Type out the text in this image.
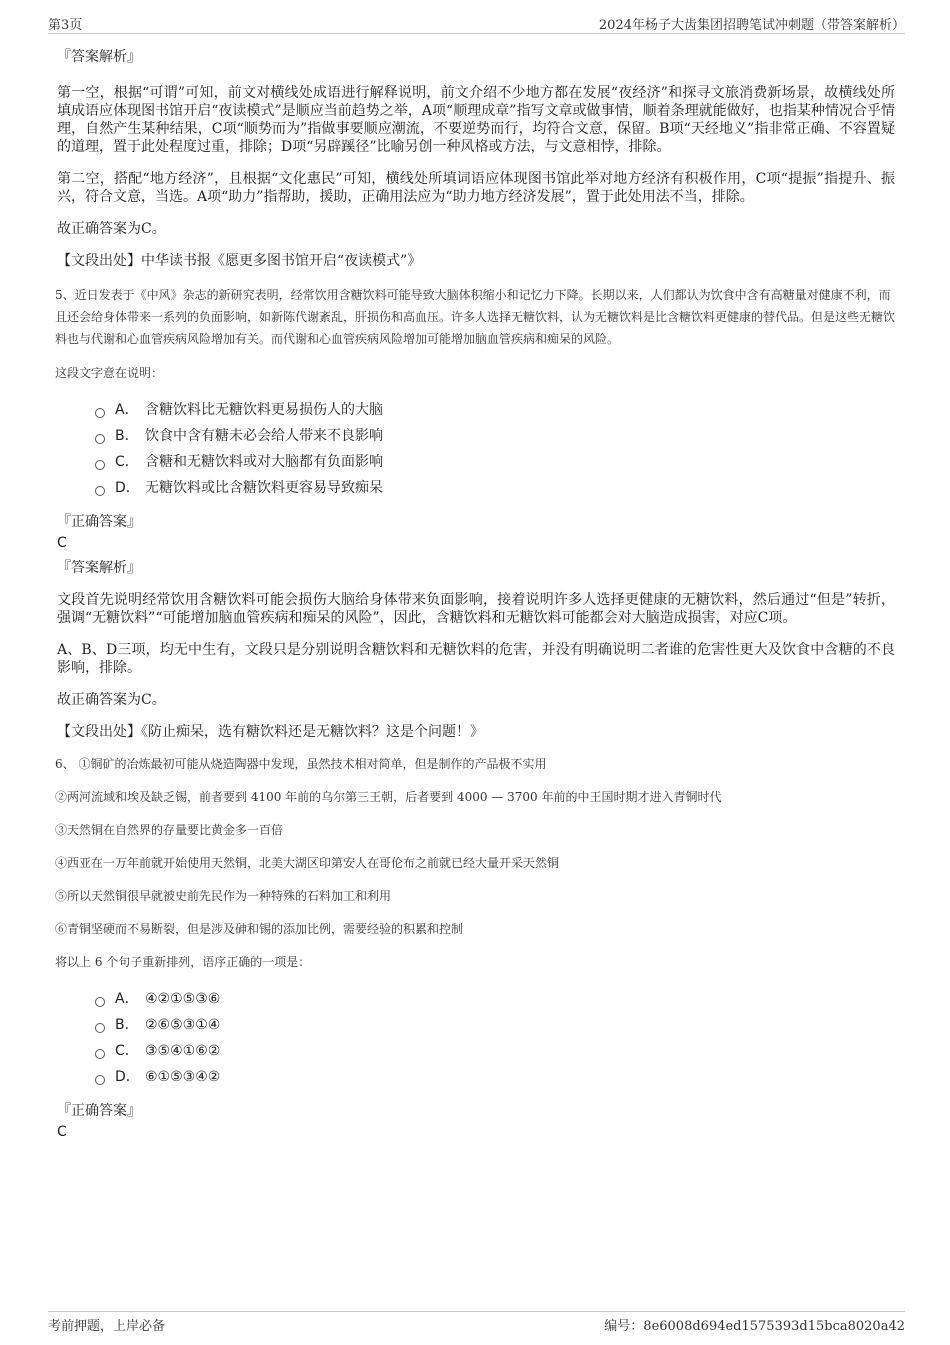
第3页	2024年杨子大齿集团招聘笔试冲刺题（带答案解析）
『答案解析』

第一空，根据“可谓”可知，前文对横线处成语进行解释说明，前文介绍不少地方都在发展“夜经济”和探寻文旅消费新场景，故横线处所填成语应体现图书馆开启“夜读模式”是顺应当前趋势之举，A项“顺理成章”指写文章或做事情，顺着条理就能做好，也指某种情况合乎情理，自然产生某种结果，C项“顺势而为”指做事要顺应潮流，不要逆势而行，均符合文意，保留。B项“天经地义”指非常正确、不容置疑的道理，置于此处程度过重，排除；D项“另辟蹊径”比喻另创一种风格或方法，与文意相悖，排除。

第二空，搭配“地方经济”，且根据“文化惠民”可知，横线处所填词语应体现图书馆此举对地方经济有积极作用，C项“提振”指提升、振兴，符合文意，当选。A项“助力”指帮助，援助，正确用法应为“助力地方经济发展”，置于此处用法不当，排除。

故正确答案为C。

【文段出处】中华读书报《愿更多图书馆开启“夜读模式”》

5、近日发表于《中风》杂志的新研究表明，经常饮用含糖饮料可能导致大脑体积缩小和记忆力下降。长期以来，人们都认为饮食中含有高糖量对健康不利，而且还会给身体带来一系列的负面影响，如新陈代谢紊乱，肝损伤和高血压。许多人选择无糖饮料，认为无糖饮料是比含糖饮料更健康的替代品。但是这些无糖饮料也与代谢和心血管疾病风险增加有关。而代谢和心血管疾病风险增加可能增加脑血管疾病和痴呆的风险。

这段文字意在说明：

A． 含糖饮料比无糖饮料更易损伤人的大脑
B． 饮食中含有糖未必会给人带来不良影响
C． 含糖和无糖饮料或对大脑都有负面影响
D． 无糖饮料或比含糖饮料更容易导致痴呆
『正确答案』
C
『答案解析』

文段首先说明经常饮用含糖饮料可能会损伤大脑给身体带来负面影响，接着说明许多人选择更健康的无糖饮料，然后通过“但是”转折，强调“无糖饮料”“可能增加脑血管疾病和痴呆的风险”，因此，含糖饮料和无糖饮料可能都会对大脑造成损害，对应C项。

A、B、D三项，均无中生有，文段只是分别说明含糖饮料和无糖饮料的危害，并没有明确说明二者谁的危害性更大及饮食中含糖的不良影响，排除。

故正确答案为C。

【文段出处】《防止痴呆，选有糖饮料还是无糖饮料？这是个问题！》

6、 ①铜矿的冶炼最初可能从烧造陶器中发现，虽然技术相对简单，但是制作的产品极不实用

②两河流域和埃及缺乏锡，前者要到 4100 年前的乌尔第三王朝，后者要到 4000 — 3700 年前的中王国时期才进入青铜时代

③天然铜在自然界的存量要比黄金多一百倍

④西亚在一万年前就开始使用天然铜，北美大湖区印第安人在哥伦布之前就已经大量开采天然铜

⑤所以天然铜很早就被史前先民作为一种特殊的石料加工和利用

⑥青铜坚硬而不易断裂，但是涉及砷和锡的添加比例，需要经验的积累和控制

将以上 6 个句子重新排列，语序正确的一项是：

A． ④②①⑤③⑥
B． ②⑥⑤③①④
C． ③⑤④①⑥②
D． ⑥①⑤③④②
『正确答案』
C
考前押题，上岸必备	编号：8e6008d694ed1575393d15bca8020a42
